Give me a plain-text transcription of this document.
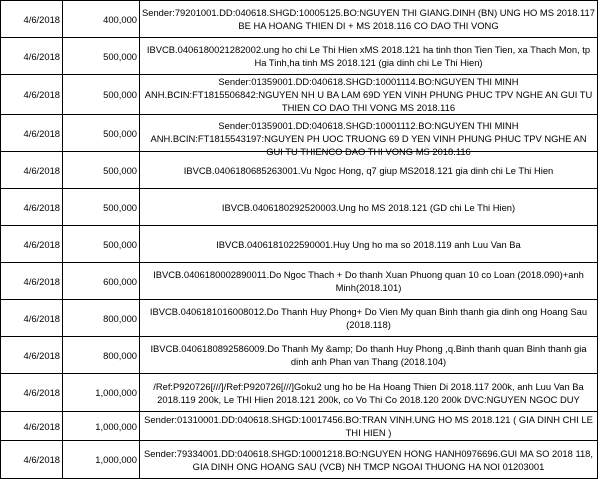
4/6/2018	400,000	Sender:79201001.DD:040618.SHGD:10005125.BO:NGUYEN THI GIANG.DINH (BN) UNG HO MS 2018.117 BE HA HOANG THIEN DI + MS 2018.116 CO DAO THI VONG

4/6/2018	500,000	IBVCB.0406180021282002.ung ho chi Le Thi Hien xMS 2018.121 ha tinh thon Tien Tien, xa Thach Mon, tp Ha Tinh,ha tinh MS 2018.121 (gia dinh chi Le Thi Hien)

4/6/2018	500,000	Sender:01359001.DD:040618.SHGD:10001114.BO:NGUYEN THI MINH ANH.BCIN:FT1815506842:NGUYEN NH U BA LAM 69D YEN VINH PHUNG PHUC TPV NGHE AN GUI TU THIEN CO DAO THI VONG MS 2018.116

4/6/2018	500,000	Sender:01359001.DD:040618.SHGD:10001112.BO:NGUYEN THI MINH ANH.BCIN:FT1815543197:NGUYEN PH UOC TRUONG 69 D YEN VINH PHUNG PHUC TPV NGHE AN GUI TU THIENCO DAO THI VONG MS 2018.116

4/6/2018	500,000	IBVCB.0406180685263001.Vu Ngoc Hong, q7 giup MS2018.121 gia dinh chi Le Thi Hien

4/6/2018	500,000	IBVCB.0406180292520003.Ung ho MS 2018.121 (GD chi Le Thi Hien)

4/6/2018	500,000	IBVCB.0406181022590001.Huy Ung ho ma so 2018.119 anh Luu Van Ba

4/6/2018	600,000	IBVCB.0406180002890011.Do Ngoc Thach + Do thanh Xuan Phuong quan 10 co Loan (2018.090)+anh Minh(2018.101)

4/6/2018	800,000	IBVCB.0406181016008012.Do Thanh Huy Phong+ Do Vien My quan Binh thanh gia dinh ong Hoang Sau (2018.118)

4/6/2018	800,000	IBVCB.0406180892586009.Do Thanh My &amp; Do thanh Huy Phong ,q.Binh thanh quan Binh thanh gia dinh anh Phan van Thang (2018.104)

4/6/2018	1,000,000	/Ref:P920726[///]/Ref:P920726[///]Goku2 ung ho be Ha Hoang Thien Di 2018.117 200k, anh Luu Van Ba 2018.119 200k, Le THI Hien 2018.121 200k, co Vo Thi Co 2018.120 200k DVC:NGUYEN NGOC DUY

4/6/2018	1,000,000	Sender:01310001.DD:040618.SHGD:10017456.BO:TRAN VINH.UNG HO MS 2018.121 ( GIA DINH CHI LE THI HIEN )

4/6/2018	1,000,000	Sender:79334001.DD:040618.SHGD:10001218.BO:NGUYEN HONG HANH0976696.GUI MA SO 2018 118, GIA DINH ONG HOANG SAU (VCB) NH TMCP NGOAI THUONG HA NOI 01203001
